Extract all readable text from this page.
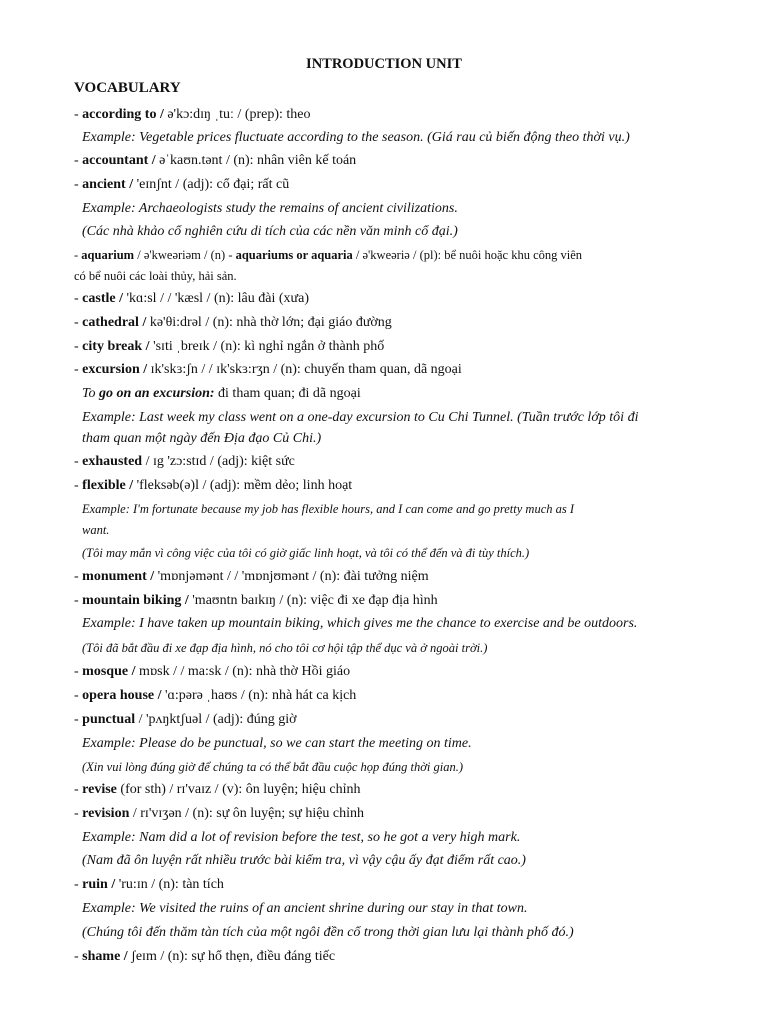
INTRODUCTION UNIT
VOCABULARY
- according to / ə'kɔ:dɪŋ ˌtuː / (prep): theo
Example: Vegetable prices fluctuate according to the season. (Giá rau củ biến động theo thời vụ.)
- accountant / əˈkaʊn.tənt / (n): nhân viên kế toán
- ancient / 'eɪnʃnt / (adj): cổ đại; rất cũ
Example: Archaeologists study the remains of ancient civilizations.
(Các nhà khảo cổ nghiên cứu di tích của các nền văn minh cổ đại.)
- aquarium / ə'kweəriəm / (n) - aquariums or aquaria / ə'kweəriə / (pl): bể nuôi hoặc khu công viên
có bể nuôi các loài thủy, hải sản.
- castle / 'kɑ:sl / / 'kæsl / (n): lâu đài (xưa)
- cathedral / kə'θi:drəl / (n): nhà thờ lớn; đại giáo đường
- city break / 'sɪti ˌbreɪk / (n): kì nghỉ ngắn ở thành phố
- excursion / ɪk'skɜ:ʃn / / ɪk'skɜ:rʒn / (n): chuyến tham quan, dã ngoại
To go on an excursion: đi tham quan; đi dã ngoại
Example: Last week my class went on a one-day excursion to Cu Chi Tunnel. (Tuần trước lớp tôi đi
tham quan một ngày đến Địa đạo Củ Chi.)
- exhausted / ɪg 'zɔ:stɪd / (adj): kiệt sức
- flexible / 'fleksəb(ə)l / (adj): mềm dẻo; linh hoạt
Example: I'm fortunate because my job has flexible hours, and I can come and go pretty much as I
want.
(Tôi may mắn vì công việc của tôi có giờ giấc linh hoạt, và tôi có thể đến và đi tùy thích.)
- monument / 'mɒnjəmənt / / 'mɒnjʊmənt / (n): đài tưởng niệm
- mountain biking / 'maʊntn baɪkɪŋ / (n): việc đi xe đạp địa hình
Example: I have taken up mountain biking, which gives me the chance to exercise and be outdoors.
(Tôi đã bắt đầu đi xe đạp địa hình, nó cho tôi cơ hội tập thể dục và ở ngoài trời.)
- mosque / mɒsk / / ma:sk / (n): nhà thờ Hồi giáo
- opera house / 'ɑ:pərə ˌhaʊs / (n): nhà hát ca kịch
- punctual / 'pʌŋktʃuəl / (adj): đúng giờ
Example: Please do be punctual, so we can start the meeting on time.
(Xin vui lòng đúng giờ để chúng ta có thể bắt đầu cuộc họp đúng thời gian.)
- revise (for sth) / rɪ'vaɪz / (v): ôn luyện; hiệu chỉnh
- revision / rɪ'vɪʒən / (n): sự ôn luyện; sự hiệu chỉnh
Example: Nam did a lot of revision before the test, so he got a very high mark.
(Nam đã ôn luyện rất nhiều trước bài kiểm tra, vì vậy cậu ấy đạt điểm rất cao.)
- ruin / 'ru:ɪn / (n): tàn tích
Example: We visited the ruins of an ancient shrine during our stay in that town.
(Chúng tôi đến thăm tàn tích của một ngôi đền cổ trong thời gian lưu lại thành phố đó.)
- shame / ʃeɪm / (n): sự hổ thẹn, điều đáng tiếc
